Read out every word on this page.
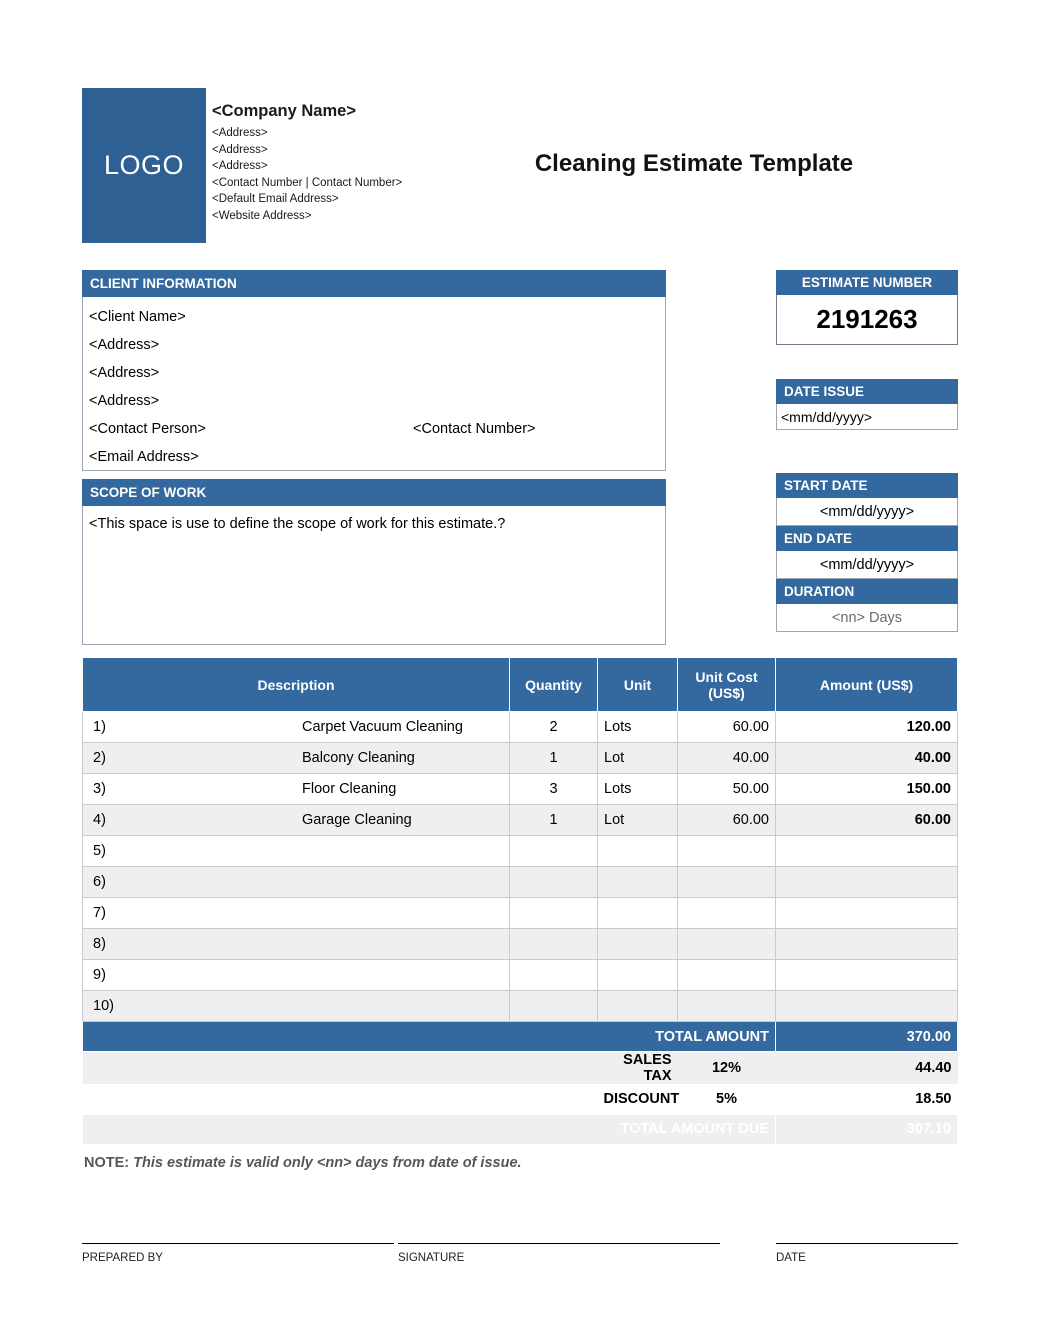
LOGO
<Company Name>
<Address>
<Address>
<Address>
<Contact Number | Contact Number>
<Default Email Address>
<Website Address>
Cleaning Estimate Template
CLIENT INFORMATION
<Client Name>
<Address>
<Address>
<Address>
<Contact Person>	<Contact Number>
<Email Address>
SCOPE OF WORK
<This space is use to define the scope of work for this estimate.?
ESTIMATE NUMBER
2191263
DATE ISSUE
<mm/dd/yyyy>
START DATE
<mm/dd/yyyy>
END DATE
<mm/dd/yyyy>
DURATION
<nn> Days
Description		Quantity	Unit	Unit Cost (US$)	Amount (US$)
1)	Carpet Vacuum Cleaning	2	Lots	60.00	120.00
2)	Balcony Cleaning	1	Lot	40.00	40.00
3)	Floor Cleaning	3	Lots	50.00	150.00
4)	Garage Cleaning	1	Lot	60.00	60.00
5)					
6)					
7)					
8)					
9)					
10)					
TOTAL AMOUNT					370.00
			SALES TAX	12%	44.40
			DISCOUNT	5%	18.50
TOTAL AMOUNT DUE					307.10
NOTE: This estimate is valid only <nn> days from date of issue.
PREPARED BY	SIGNATURE	DATE
